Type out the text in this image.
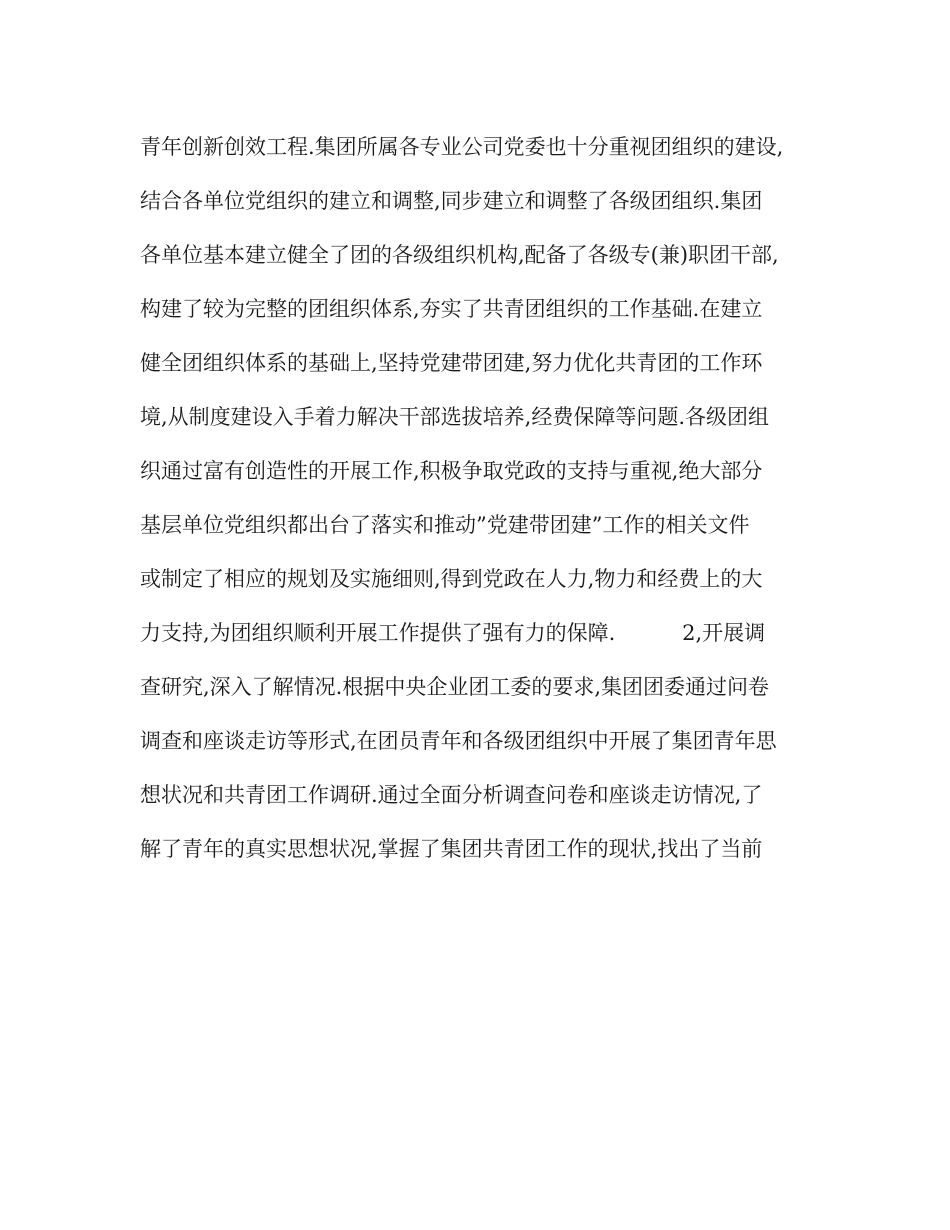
青年创新创效工程.集团所属各专业公司党委也十分重视团组织的建设,
结合各单位党组织的建立和调整,同步建立和调整了各级团组织.集团
各单位基本建立健全了团的各级组织机构,配备了各级专(兼)职团干部,
构建了较为完整的团组织体系,夯实了共青团组织的工作基础.在建立
健全团组织体系的基础上,坚持党建带团建,努力优化共青团的工作环
境,从制度建设入手着力解决干部选拔培养,经费保障等问题.各级团组
织通过富有创造性的开展工作,积极争取党政的支持与重视,绝大部分
基层单位党组织都出台了落实和推动”党建带团建”工作的相关文件
或制定了相应的规划及实施细则,得到党政在人力,物力和经费上的大
力支持,为团组织顺利开展工作提供了强有力的保障.          2,开展调
查研究,深入了解情况.根据中央企业团工委的要求,集团团委通过问卷
调查和座谈走访等形式,在团员青年和各级团组织中开展了集团青年思
想状况和共青团工作调研.通过全面分析调查问卷和座谈走访情况,了
解了青年的真实思想状况,掌握了集团共青团工作的现状,找出了当前
